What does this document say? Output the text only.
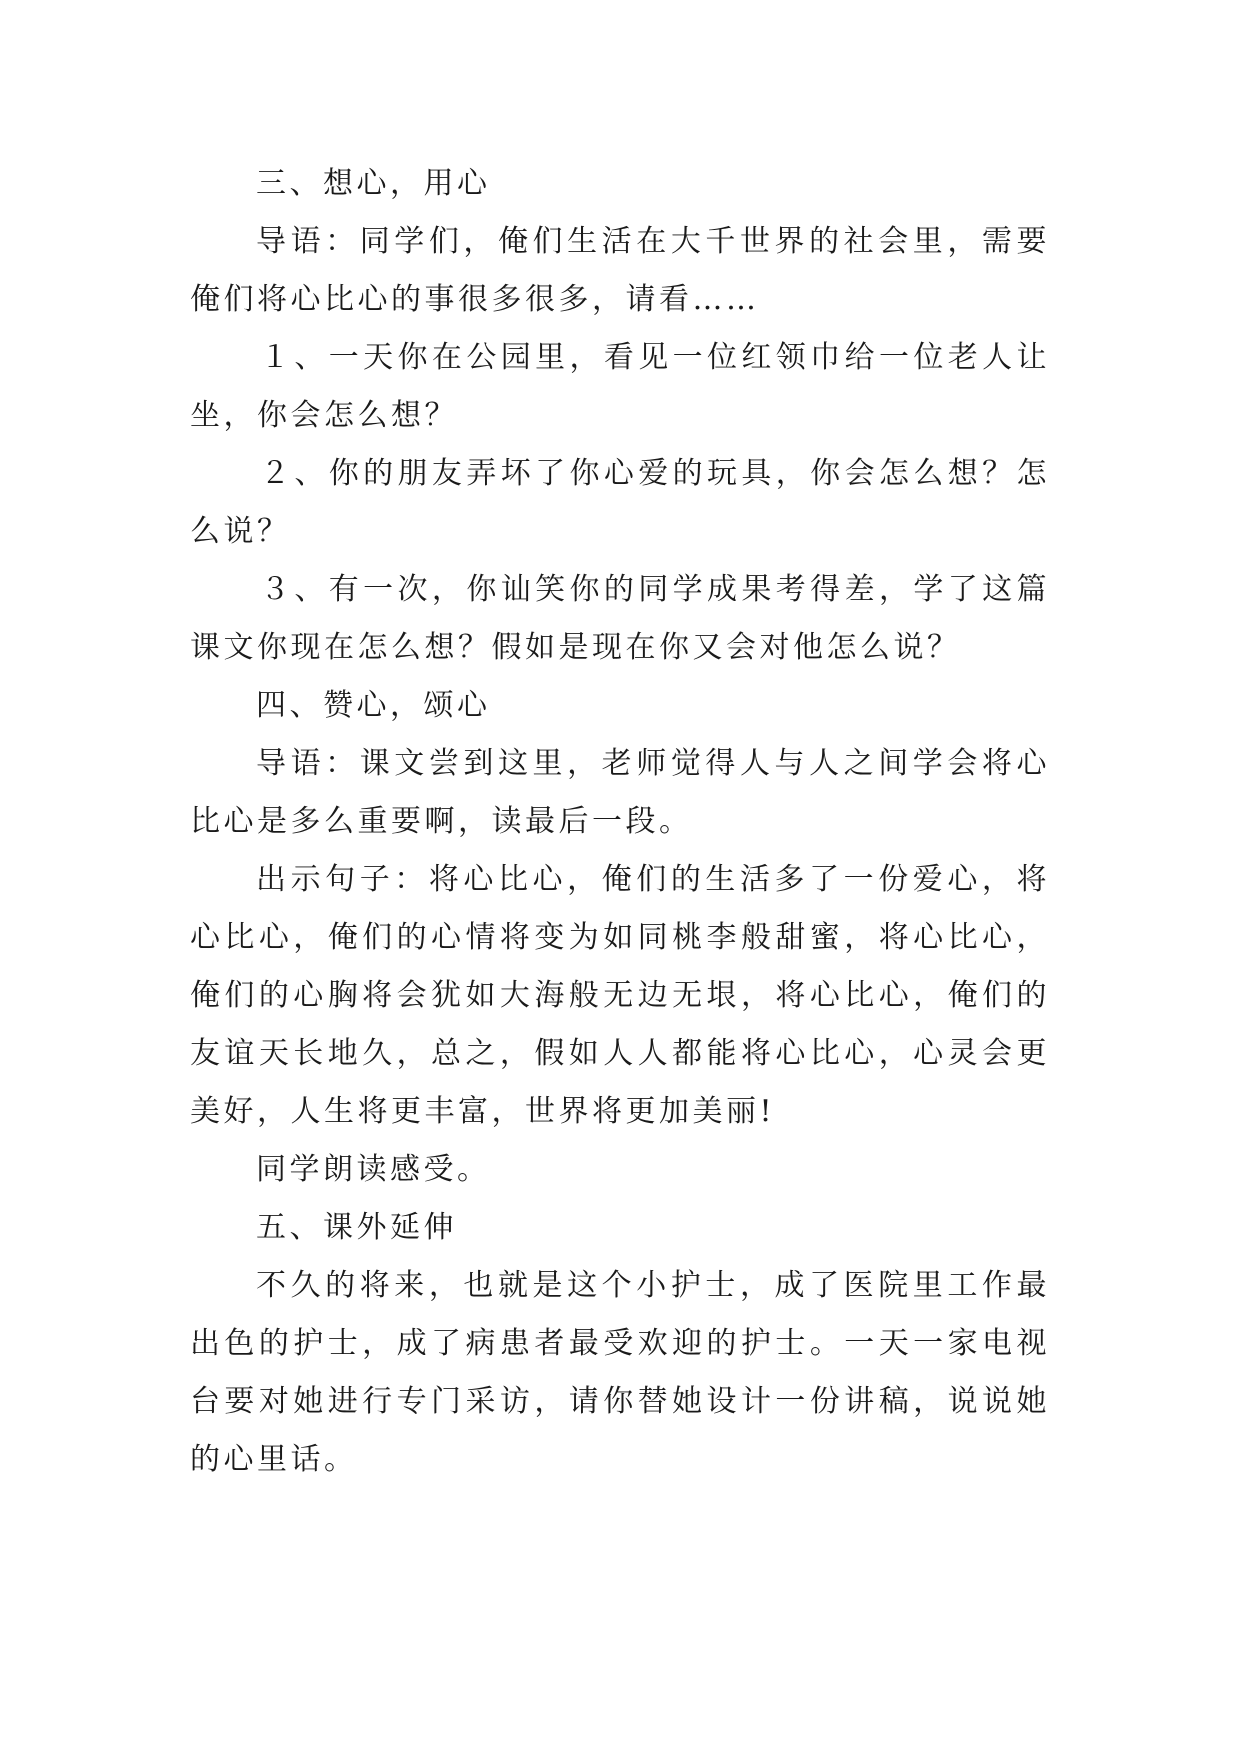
三、想心，用心

导语：同学们，俺们生活在大千世界的社会里，需要俺们将心比心的事很多很多，请看……

１、一天你在公园里，看见一位红领巾给一位老人让坐，你会怎么想？

２、你的朋友弄坏了你心爱的玩具，你会怎么想？怎么说？

３、有一次，你讪笑你的同学成果考得差，学了这篇课文你现在怎么想？假如是现在你又会对他怎么说？

四、赞心，颂心

导语：课文尝到这里，老师觉得人与人之间学会将心比心是多么重要啊，读最后一段。

出示句子：将心比心，俺们的生活多了一份爱心，将心比心，俺们的心情将变为如同桃李般甜蜜，将心比心，俺们的心胸将会犹如大海般无边无垠，将心比心，俺们的友谊天长地久，总之，假如人人都能将心比心，心灵会更美好，人生将更丰富，世界将更加美丽!

同学朗读感受。

五、课外延伸

不久的将来，也就是这个小护士，成了医院里工作最出色的护士，成了病患者最受欢迎的护士。一天一家电视台要对她进行专门采访，请你替她设计一份讲稿，说说她的心里话。
